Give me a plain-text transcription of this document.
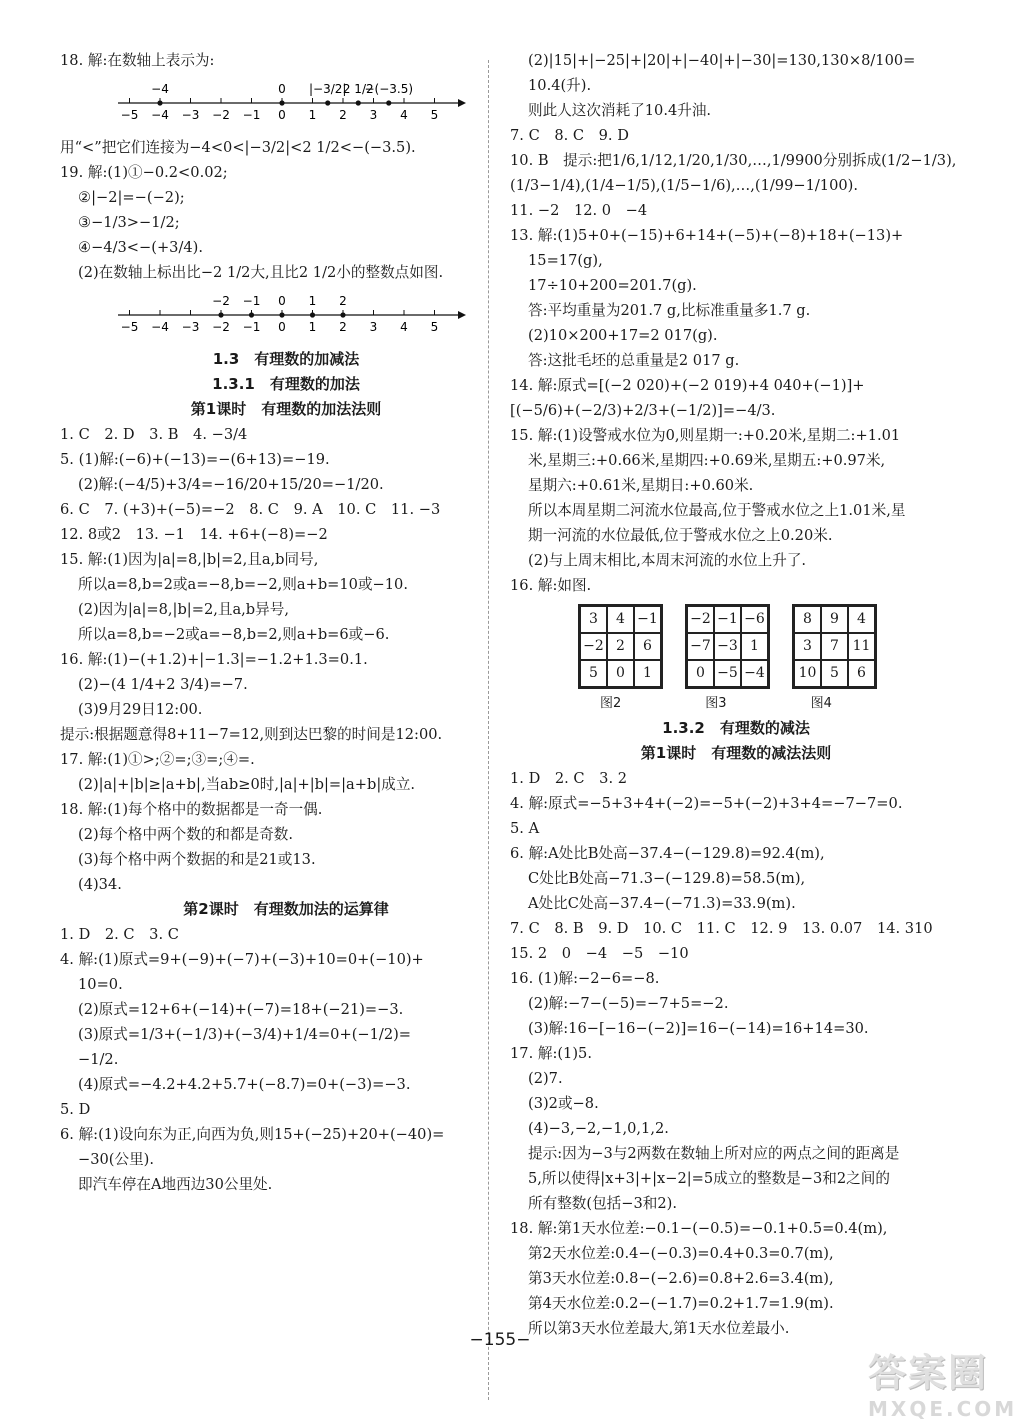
18. 解:在数轴上表示为:
−5 −4 −3 −2 −1 0 1 2 3 4 5
−4	0 |−3/2|
2 1/2
−(−3.5)
用“<”把它们连接为−4<0<|−3/2|<2 1/2<−(−3.5).
19. 解:(1)①−0.2<0.02;
②|−2|=−(−2);
③−1/3>−1/2;
④−4/3<−(+3/4).
(2)在数轴上标出比−2 1/2大,且比2 1/2小的整数点如图.
−5 −4 −3 −2 −1 0 1 2 3 4 5
−2 −1 0 1 2
1.3　有理数的加减法
1.3.1　有理数的加法
第1课时　有理数的加法法则
1. C　2. D　3. B　4. −3/4
5. (1)解:(−6)+(−13)=−(6+13)=−19.
(2)解:(−4/5)+3/4=−16/20+15/20=−1/20.
6. C　7. (+3)+(−5)=−2　8. C　9. A　10. C　11. −3
12. 8或2　13. −1　14. +6+(−8)=−2
15. 解:(1)因为|a|=8,|b|=2,且a,b同号,
所以a=8,b=2或a=−8,b=−2,则a+b=10或−10.
(2)因为|a|=8,|b|=2,且a,b异号,
所以a=8,b=−2或a=−8,b=2,则a+b=6或−6.
16. 解:(1)−(+1.2)+|−1.3|=−1.2+1.3=0.1.
(2)−(4 1/4+2 3/4)=−7.
(3)9月29日12:00.
提示:根据题意得8+11−7=12,则到达巴黎的时间是12:00.
17. 解:(1)①>;②=;③=;④=.
(2)|a|+|b|≥|a+b|,当ab≥0时,|a|+|b|=|a+b|成立.
18. 解:(1)每个格中的数据都是一奇一偶.
(2)每个格中两个数的和都是奇数.
(3)每个格中两个数据的和是21或13.
(4)34.
第2课时　有理数加法的运算律
1. D　2. C　3. C
4. 解:(1)原式=9+(−9)+(−7)+(−3)+10=0+(−10)+
10=0.
(2)原式=12+6+(−14)+(−7)=18+(−21)=−3.
(3)原式=1/3+(−1/3)+(−3/4)+1/4=0+(−1/2)=
−1/2.
(4)原式=−4.2+4.2+5.7+(−8.7)=0+(−3)=−3.
5. D
6. 解:(1)设向东为正,向西为负,则15+(−25)+20+(−40)=
−30(公里).
即汽车停在A地西边30公里处.
(2)|15|+|−25|+|20|+|−40|+|−30|=130,130×8/100=
10.4(升).
则此人这次消耗了10.4升油.
7. C　8. C　9. D
10. B　提示:把1/6,1/12,1/20,1/30,…,1/9900分别拆成(1/2−1/3),
(1/3−1/4),(1/4−1/5),(1/5−1/6),…,(1/99−1/100).
11. −2　12. 0　−4
13. 解:(1)5+0+(−15)+6+14+(−5)+(−8)+18+(−13)+
15=17(g),
17÷10+200=201.7(g).
答:平均重量为201.7 g,比标准重量多1.7 g.
(2)10×200+17=2 017(g).
答:这批毛坯的总重量是2 017 g.
14. 解:原式=[(−2 020)+(−2 019)+4 040+(−1)]+
[(−5/6)+(−2/3)+2/3+(−1/2)]=−4/3.
15. 解:(1)设警戒水位为0,则星期一:+0.20米,星期二:+1.01
米,星期三:+0.66米,星期四:+0.69米,星期五:+0.97米,
星期六:+0.61米,星期日:+0.60米.
所以本周星期二河流水位最高,位于警戒水位之上1.01米,星
期一河流的水位最低,位于警戒水位之上0.20米.
(2)与上周末相比,本周末河流的水位上升了.
16. 解:如图.
3	4 −1
−2 2	6
5	0	1
−2 −1 −6
−7 −3 1
0 −5 −4
8	9	4
3	7 11
10 5	6
图2	图3	图4
1.3.2　有理数的减法
第1课时　有理数的减法法则
1. D　2. C　3. 2
4. 解:原式=−5+3+4+(−2)=−5+(−2)+3+4=−7−7=0.
5. A
6. 解:A处比B处高−37.4−(−129.8)=92.4(m),
C处比B处高−71.3−(−129.8)=58.5(m),
A处比C处高−37.4−(−71.3)=33.9(m).
7. C　8. B　9. D　10. C　11. C　12. 9　13. 0.07　14. 310
15. 2　0　−4　−5　−10
16. (1)解:−2−6=−8.
(2)解:−7−(−5)=−7+5=−2.
(3)解:16−[−16−(−2)]=16−(−14)=16+14=30.
17. 解:(1)5.
(2)7.
(3)2或−8.
(4)−3,−2,−1,0,1,2.
提示:因为−3与2两数在数轴上所对应的两点之间的距离是
5,所以使得|x+3|+|x−2|=5成立的整数是−3和2之间的
所有整数(包括−3和2).
18. 解:第1天水位差:−0.1−(−0.5)=−0.1+0.5=0.4(m),
第2天水位差:0.4−(−0.3)=0.4+0.3=0.7(m),
第3天水位差:0.8−(−2.6)=0.8+2.6=3.4(m),
第4天水位差:0.2−(−1.7)=0.2+1.7=1.9(m).
所以第3天水位差最大,第1天水位差最小.
−155−
答案圈
MXQE.COM
